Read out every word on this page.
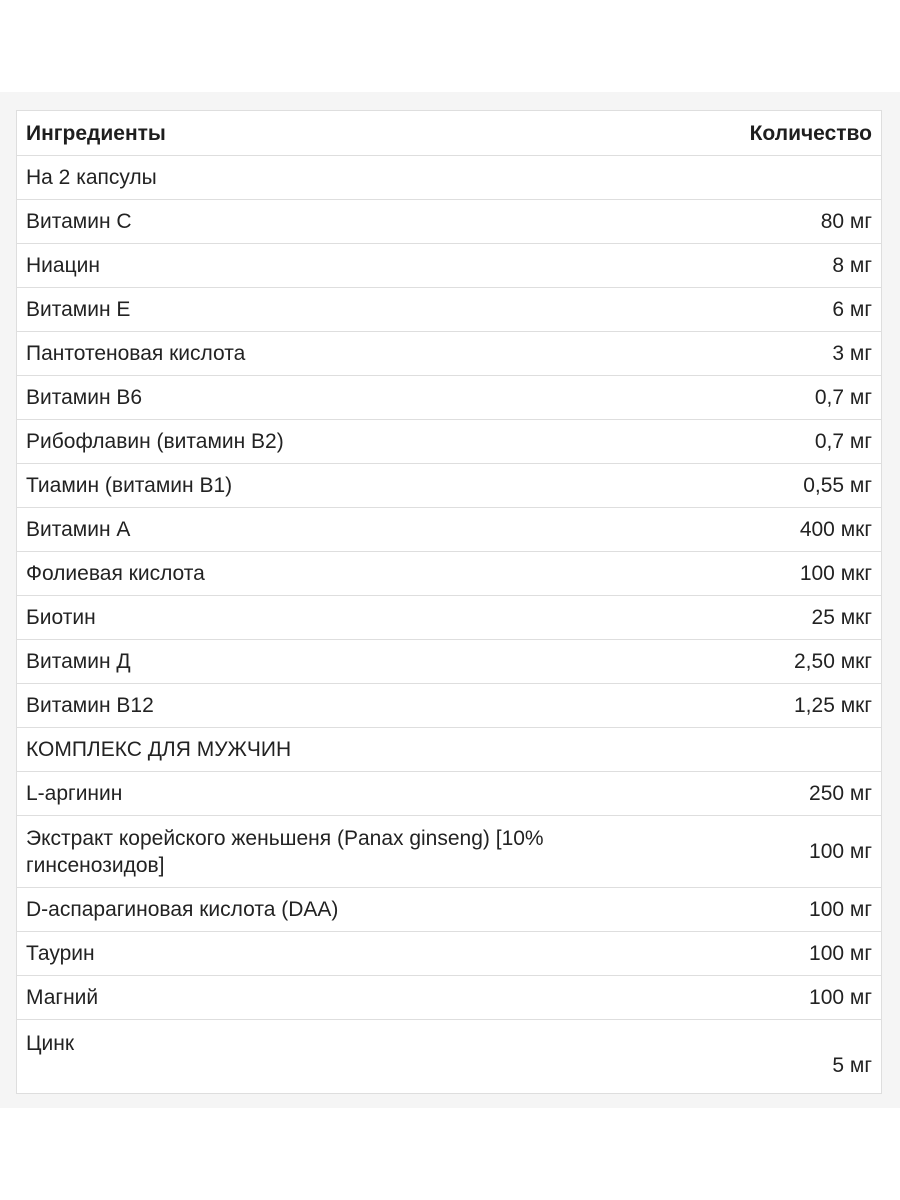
Ингредиенты	Количество
На 2 капсулы	
Витамин С	80 мг
Ниацин	8 мг
Витамин Е	6 мг
Пантотеновая кислота	3 мг
Витамин В6	0,7 мг
Рибофлавин (витамин В2)	0,7 мг
Тиамин (витамин В1)	0,55 мг
Витамин А	400 мкг
Фолиевая кислота	100 мкг
Биотин	25 мкг
Витамин Д	2,50 мкг
Витамин В12	1,25 мкг
КОМПЛЕКС ДЛЯ МУЖЧИН	
L-аргинин	250 мг
Экстракт корейского женьшеня (Panax ginseng) [10% гинсенозидов]	100 мг
D-аспарагиновая кислота (DAA)	100 мг
Таурин	100 мг
Магний	100 мг
Цинк	5 мг
